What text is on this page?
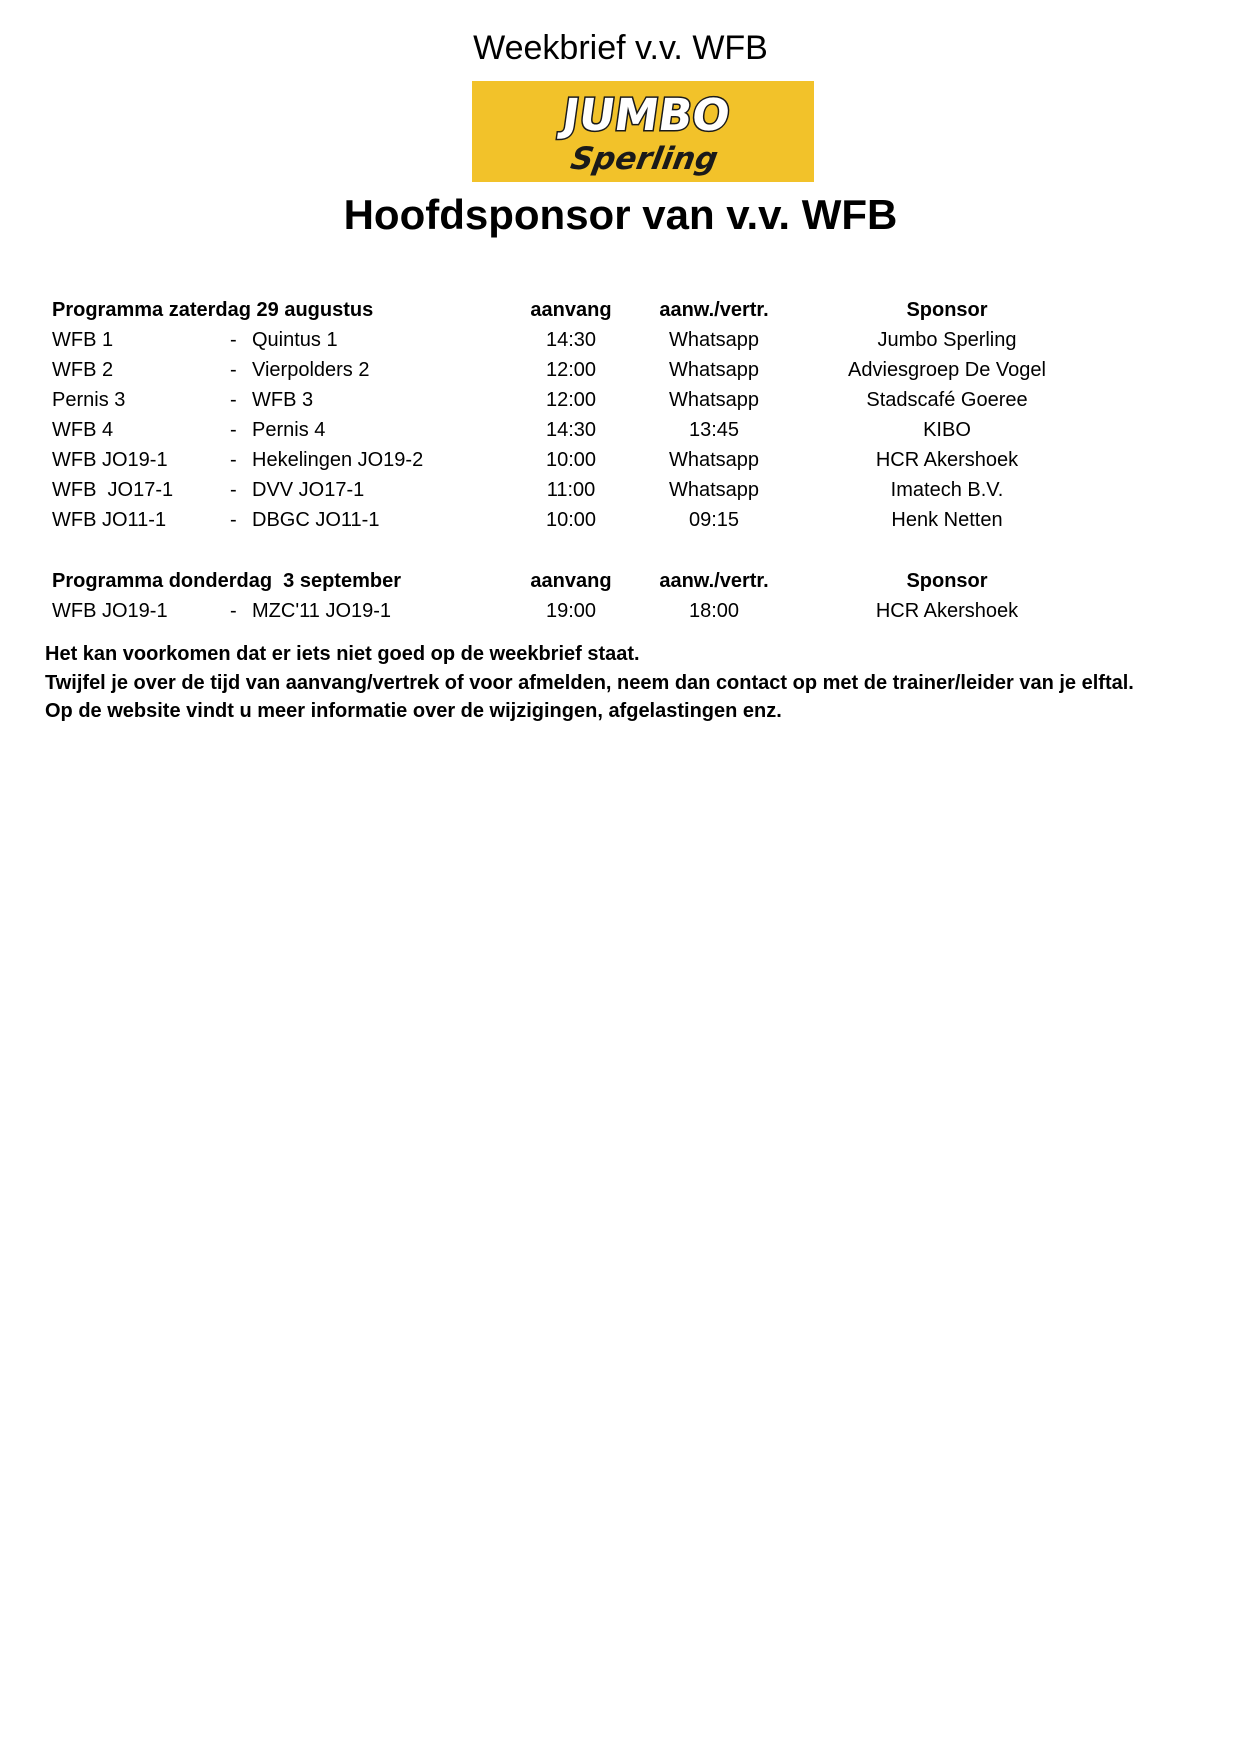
Weekbrief v.v. WFB
JUMBO
Sperling
Hoofdsponsor van v.v. WFB
Programma zaterdag 29 augustus	aanvang	aanw./vertr.	Sponsor
WFB 1	- Quintus 1	14:30	Whatsapp	Jumbo Sperling
WFB 2	- Vierpolders 2	12:00	Whatsapp	Adviesgroep De Vogel
Pernis 3	- WFB 3	12:00	Whatsapp	Stadscafé Goeree
WFB 4	- Pernis 4	14:30	13:45	KIBO
WFB JO19-1	- Hekelingen JO19-2	10:00	Whatsapp	HCR Akershoek
WFB  JO17-1	- DVV JO17-1	11:00	Whatsapp	Imatech B.V.
WFB JO11-1	- DBGC JO11-1	10:00	09:15	Henk Netten
Programma donderdag  3 september	aanvang	aanw./vertr.	Sponsor
WFB JO19-1	- MZC'11 JO19-1	19:00	18:00	HCR Akershoek
Het kan voorkomen dat er iets niet goed op de weekbrief staat.
Twijfel je over de tijd van aanvang/vertrek of voor afmelden, neem dan contact op met de trainer/leider van je elftal.
Op de website vindt u meer informatie over de wijzigingen, afgelastingen enz.
